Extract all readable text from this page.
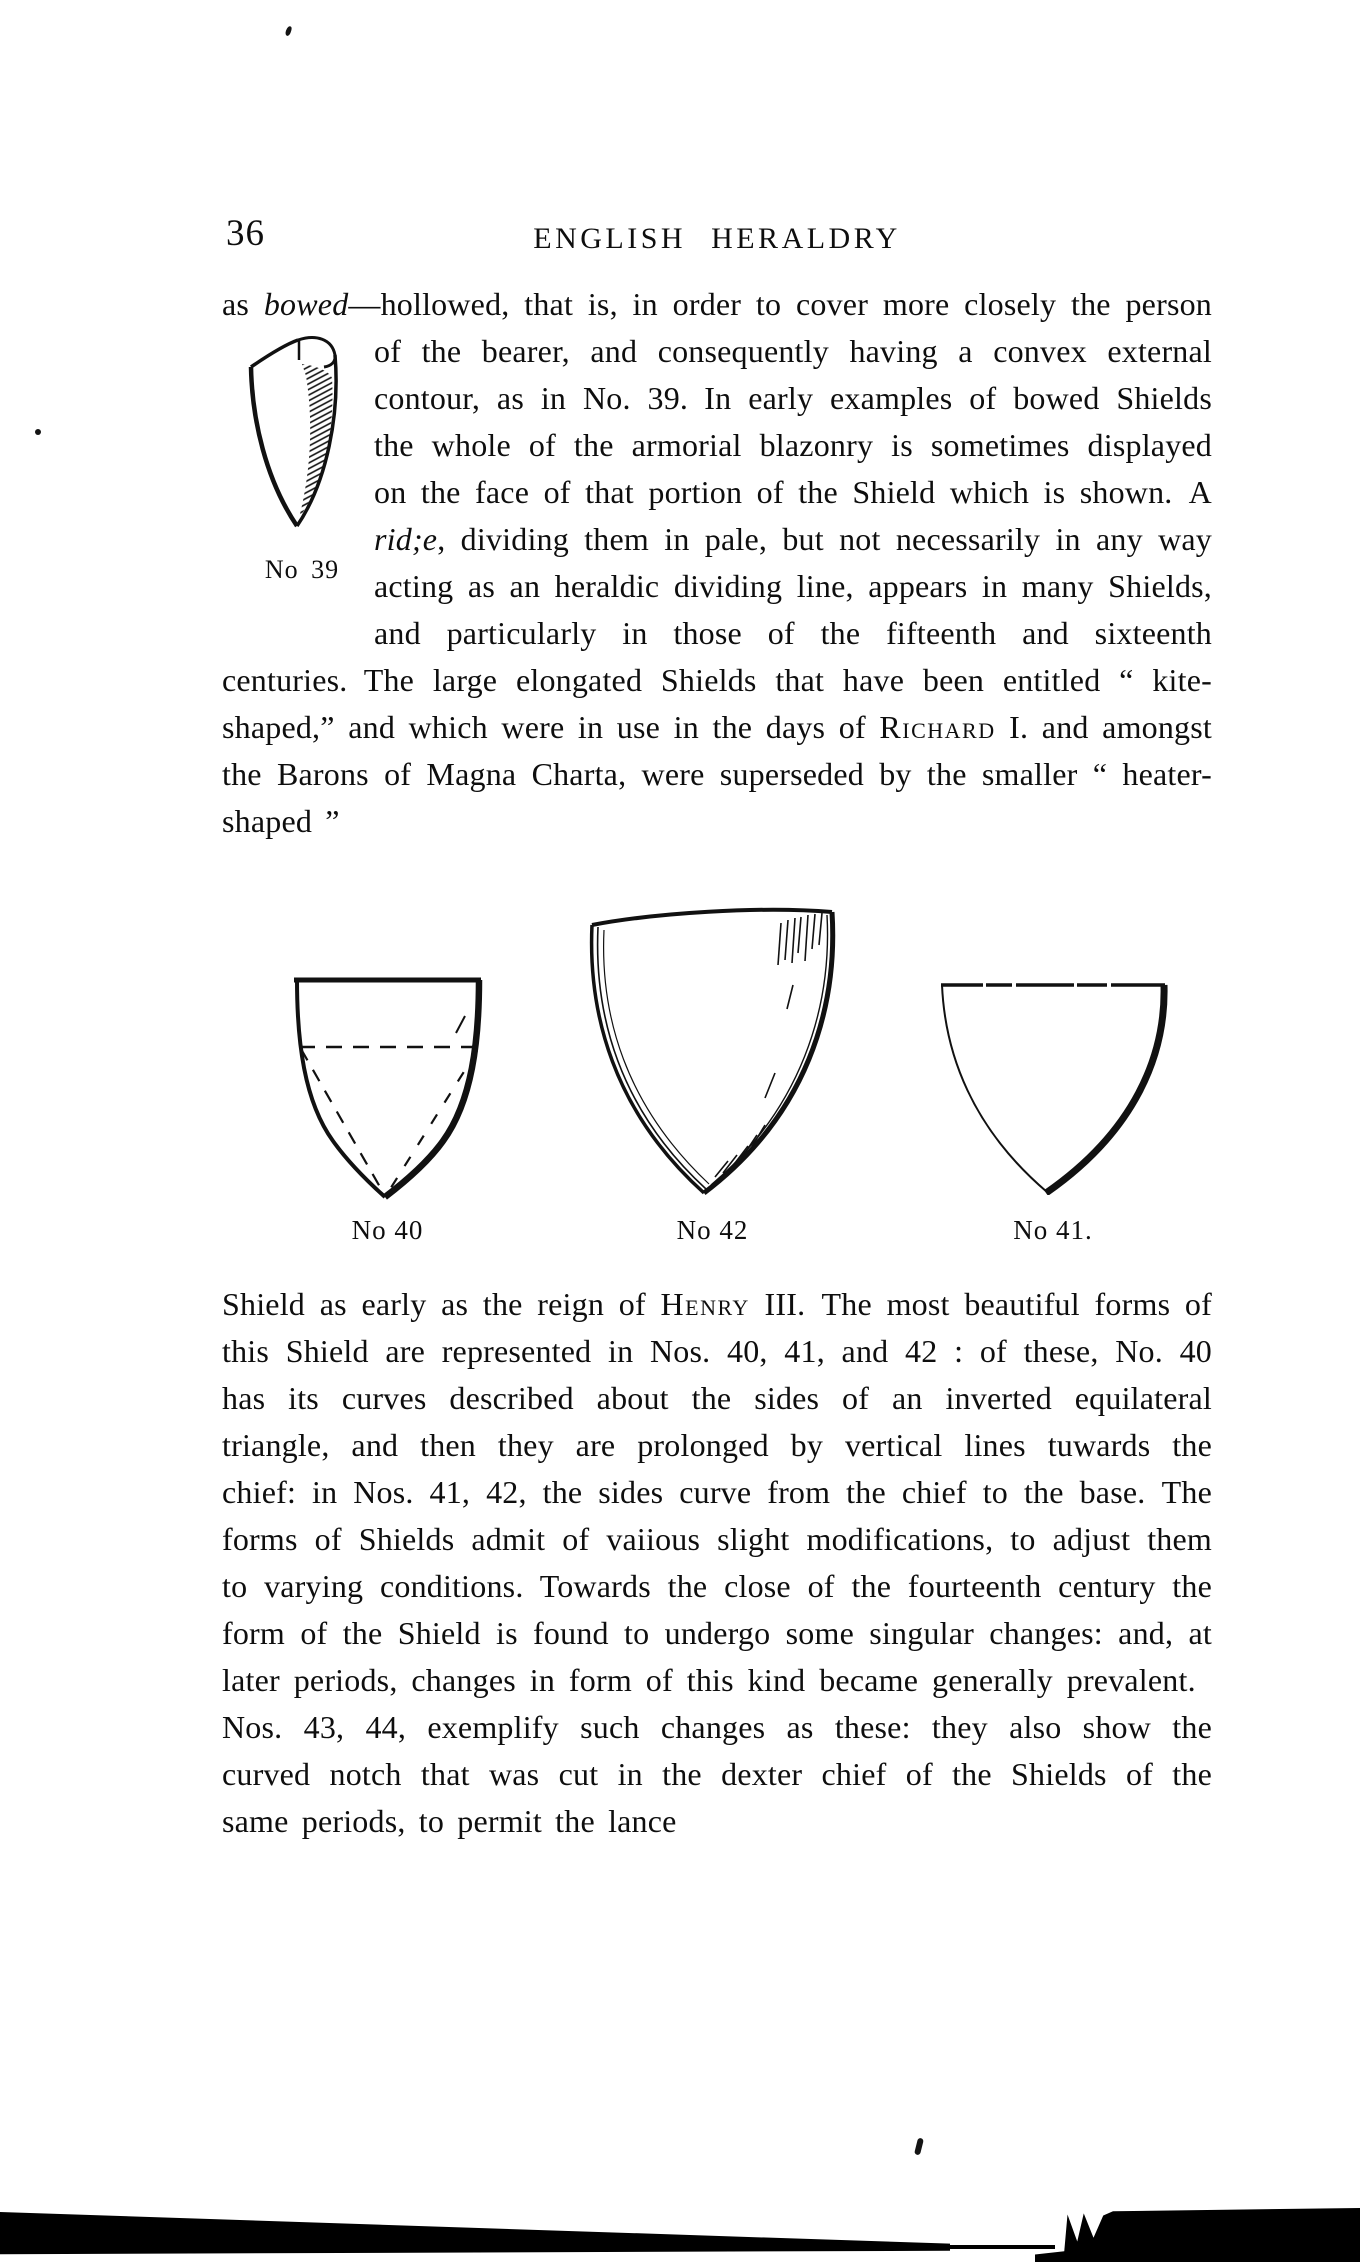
36	ENGLISH HERALDRY
as bowed—hollowed, that is, in order to cover more closely the person of the bearer, and consequently having a convex
No 39
external contour, as in No. 39. In early examples of bowed Shields the whole of the armorial blazonry is sometimes displayed on the face of that portion of the Shield which is shown. A rid;e, dividing them in pale, but not necessarily in any way acting as an heraldic dividing line, appears in many Shields, and particularly in those of the fifteenth and sixteenth centuries. The large elongated Shields that have been entitled “ kite-shaped,” and which were in use in the days of Richard I. and amongst the Barons of Magna Charta, were superseded by the smaller “ heater-shaped ”
No 40	No 42	No 41.
Shield as early as the reign of Henry III. The most beautiful forms of this Shield are represented in Nos. 40, 41, and 42 : of these, No. 40 has its curves described about the sides of an inverted equilateral triangle, and then they are prolonged by vertical lines tuwards the chief: in Nos. 41, 42, the sides curve from the chief to the base. The forms of Shields admit of vaiious slight modifications, to adjust them to varying conditions. Towards the close of the fourteenth century the form of the Shield is found to undergo some singular changes: and, at later periods, changes in form of this kind became generally prevalent. Nos. 43, 44, exemplify such changes as these: they also show the curved notch that was cut in the dexter chief of the Shields of the same periods, to permit the lance
